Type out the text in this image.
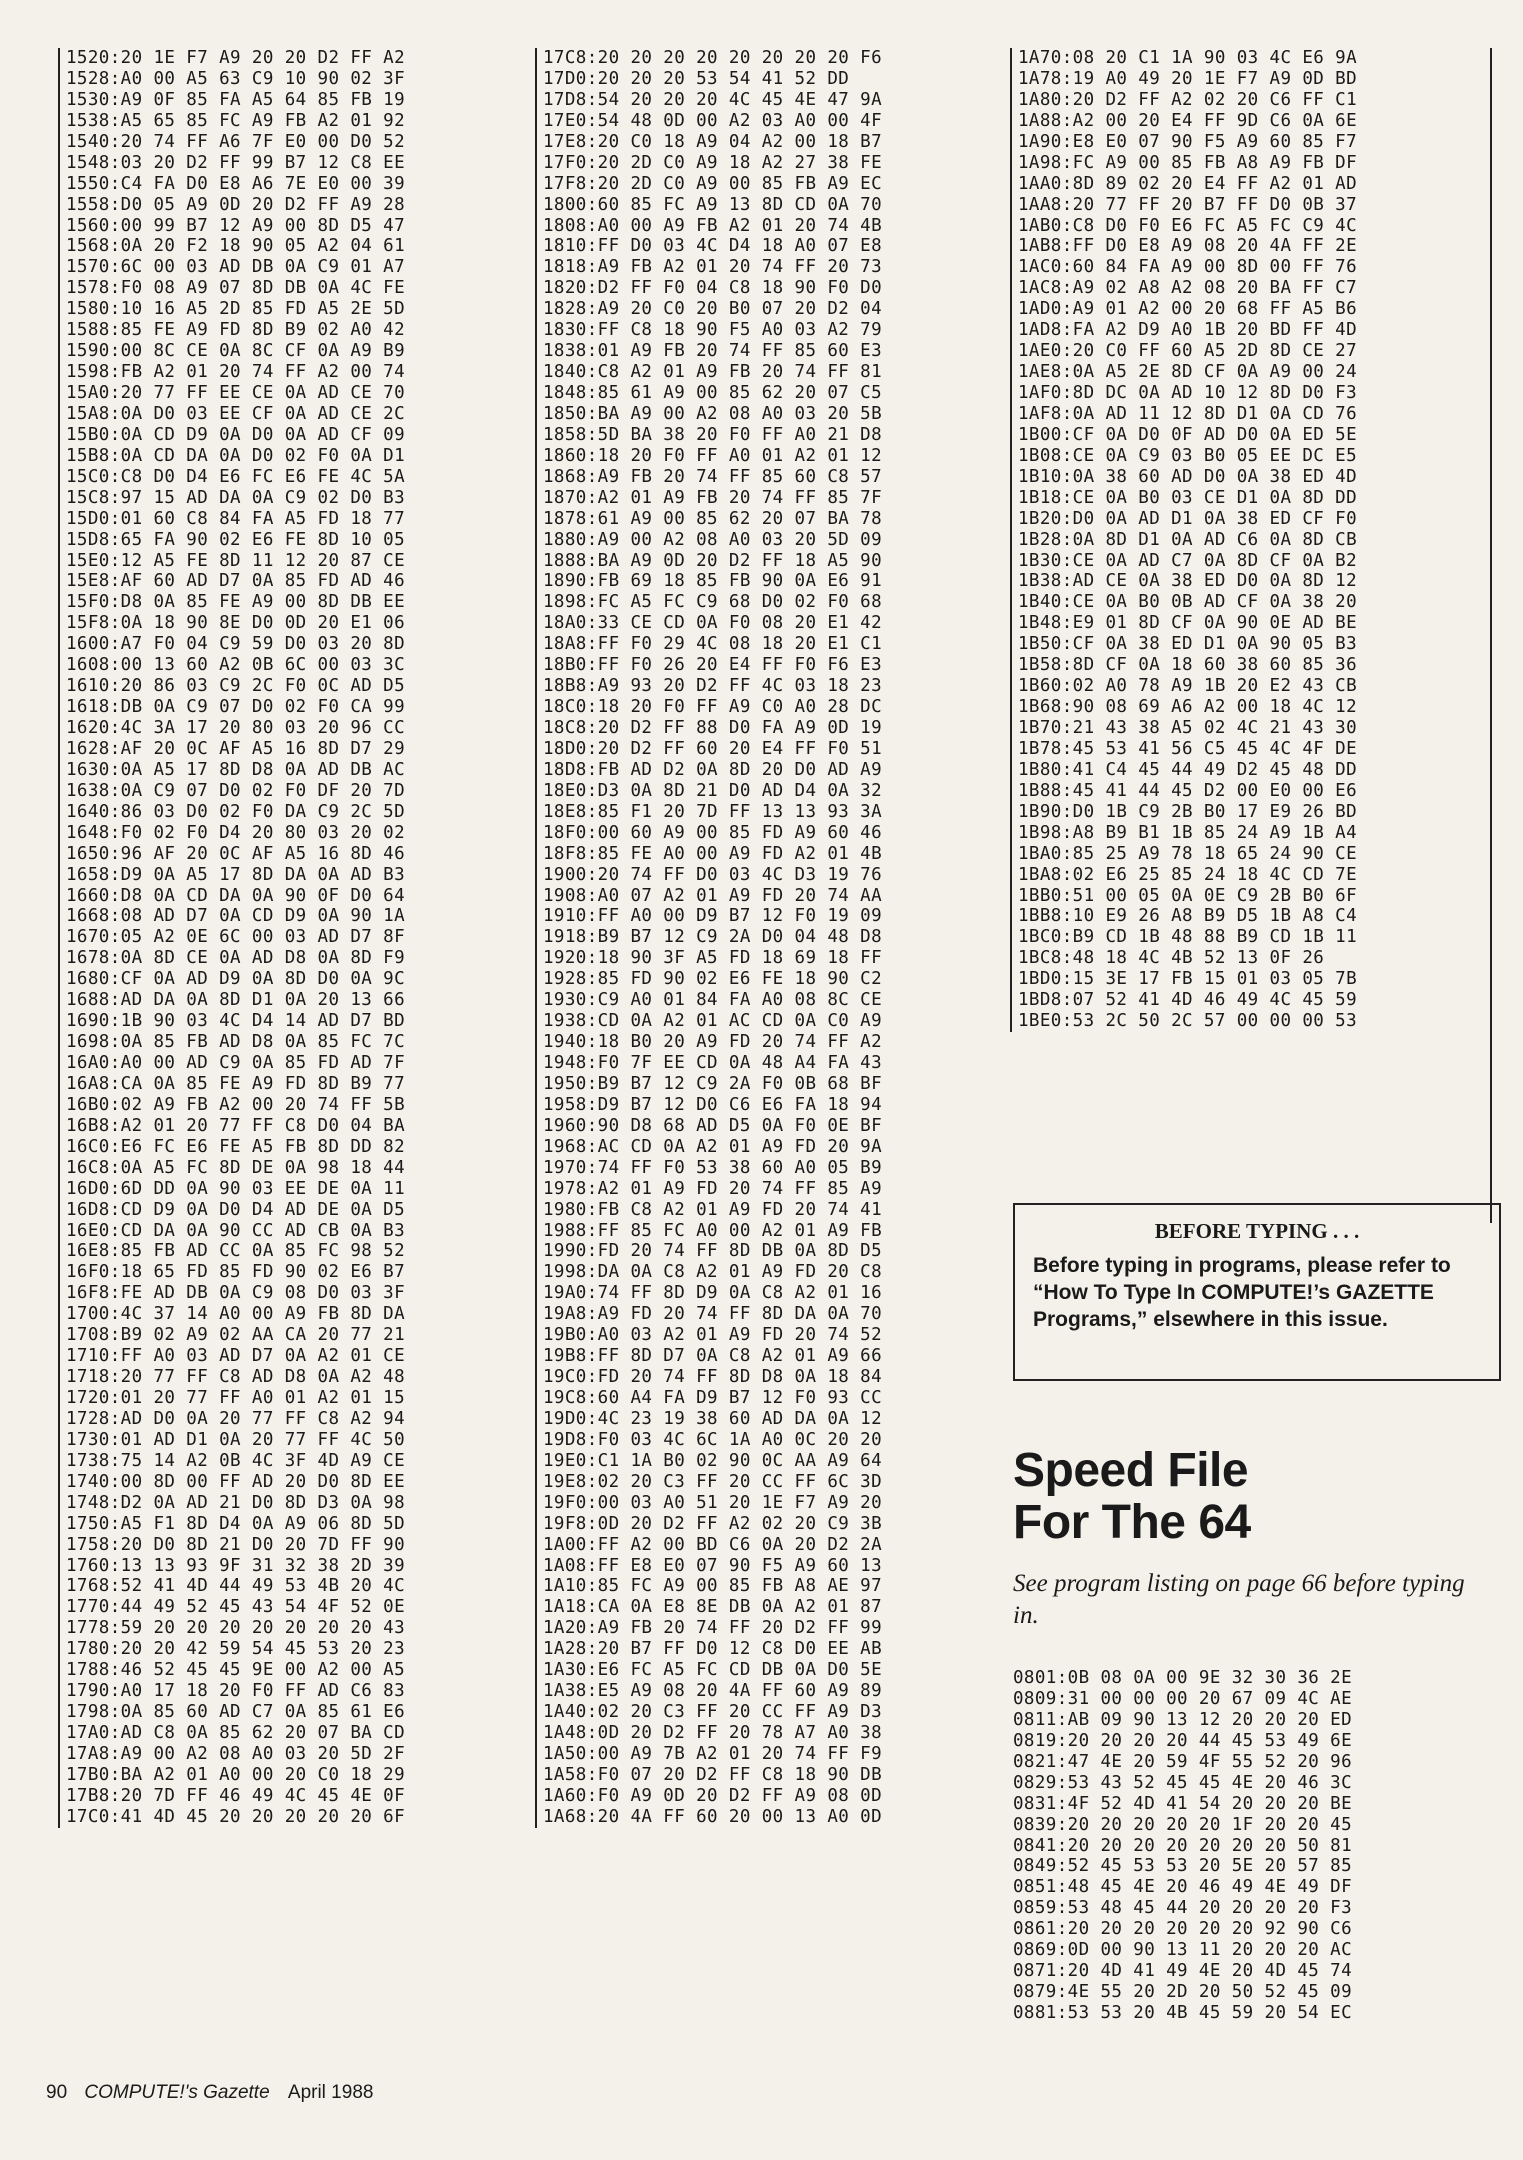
1520:20 1E F7 A9 20 20 D2 FF A2
1528:A0 00 A5 63 C9 10 90 02 3F
1530:A9 0F 85 FA A5 64 85 FB 19
1538:A5 65 85 FC A9 FB A2 01 92
1540:20 74 FF A6 7F E0 00 D0 52
1548:03 20 D2 FF 99 B7 12 C8 EE
1550:C4 FA D0 E8 A6 7E E0 00 39
1558:D0 05 A9 0D 20 D2 FF A9 28
1560:00 99 B7 12 A9 00 8D D5 47
1568:0A 20 F2 18 90 05 A2 04 61
1570:6C 00 03 AD DB 0A C9 01 A7
1578:F0 08 A9 07 8D DB 0A 4C FE
1580:10 16 A5 2D 85 FD A5 2E 5D
1588:85 FE A9 FD 8D B9 02 A0 42
1590:00 8C CE 0A 8C CF 0A A9 B9
1598:FB A2 01 20 74 FF A2 00 74
15A0:20 77 FF EE CE 0A AD CE 70
15A8:0A D0 03 EE CF 0A AD CE 2C
15B0:0A CD D9 0A D0 0A AD CF 09
15B8:0A CD DA 0A D0 02 F0 0A D1
15C0:C8 D0 D4 E6 FC E6 FE 4C 5A
15C8:97 15 AD DA 0A C9 02 D0 B3
15D0:01 60 C8 84 FA A5 FD 18 77
15D8:65 FA 90 02 E6 FE 8D 10 05
15E0:12 A5 FE 8D 11 12 20 87 CE
15E8:AF 60 AD D7 0A 85 FD AD 46
15F0:D8 0A 85 FE A9 00 8D DB EE
15F8:0A 18 90 8E D0 0D 20 E1 06
1600:A7 F0 04 C9 59 D0 03 20 8D
1608:00 13 60 A2 0B 6C 00 03 3C
1610:20 86 03 C9 2C F0 0C AD D5
1618:DB 0A C9 07 D0 02 F0 CA 99
1620:4C 3A 17 20 80 03 20 96 CC
1628:AF 20 0C AF A5 16 8D D7 29
1630:0A A5 17 8D D8 0A AD DB AC
1638:0A C9 07 D0 02 F0 DF 20 7D
1640:86 03 D0 02 F0 DA C9 2C 5D
1648:F0 02 F0 D4 20 80 03 20 02
1650:96 AF 20 0C AF A5 16 8D 46
1658:D9 0A A5 17 8D DA 0A AD B3
1660:D8 0A CD DA 0A 90 0F D0 64
1668:08 AD D7 0A CD D9 0A 90 1A
1670:05 A2 0E 6C 00 03 AD D7 8F
1678:0A 8D CE 0A AD D8 0A 8D F9
1680:CF 0A AD D9 0A 8D D0 0A 9C
1688:AD DA 0A 8D D1 0A 20 13 66
1690:1B 90 03 4C D4 14 AD D7 BD
1698:0A 85 FB AD D8 0A 85 FC 7C
16A0:A0 00 AD C9 0A 85 FD AD 7F
16A8:CA 0A 85 FE A9 FD 8D B9 77
16B0:02 A9 FB A2 00 20 74 FF 5B
16B8:A2 01 20 77 FF C8 D0 04 BA
16C0:E6 FC E6 FE A5 FB 8D DD 82
16C8:0A A5 FC 8D DE 0A 98 18 44
16D0:6D DD 0A 90 03 EE DE 0A 11
16D8:CD D9 0A D0 D4 AD DE 0A D5
16E0:CD DA 0A 90 CC AD CB 0A B3
16E8:85 FB AD CC 0A 85 FC 98 52
16F0:18 65 FD 85 FD 90 02 E6 B7
16F8:FE AD DB 0A C9 08 D0 03 3F
1700:4C 37 14 A0 00 A9 FB 8D DA
1708:B9 02 A9 02 AA CA 20 77 21
1710:FF A0 03 AD D7 0A A2 01 CE
1718:20 77 FF C8 AD D8 0A A2 48
1720:01 20 77 FF A0 01 A2 01 15
1728:AD D0 0A 20 77 FF C8 A2 94
1730:01 AD D1 0A 20 77 FF 4C 50
1738:75 14 A2 0B 4C 3F 4D A9 CE
1740:00 8D 00 FF AD 20 D0 8D EE
1748:D2 0A AD 21 D0 8D D3 0A 98
1750:A5 F1 8D D4 0A A9 06 8D 5D
1758:20 D0 8D 21 D0 20 7D FF 90
1760:13 13 93 9F 31 32 38 2D 39
1768:52 41 4D 44 49 53 4B 20 4C
1770:44 49 52 45 43 54 4F 52 0E
1778:59 20 20 20 20 20 20 20 43
1780:20 20 42 59 54 45 53 20 23
1788:46 52 45 45 9E 00 A2 00 A5
1790:A0 17 18 20 F0 FF AD C6 83
1798:0A 85 60 AD C7 0A 85 61 E6
17A0:AD C8 0A 85 62 20 07 BA CD
17A8:A9 00 A2 08 A0 03 20 5D 2F
17B0:BA A2 01 A0 00 20 C0 18 29
17B8:20 7D FF 46 49 4C 45 4E 0F
17C0:41 4D 45 20 20 20 20 20 6F
17C8:20 20 20 20 20 20 20 20 F6
17D0:20 20 20 53 54 41 52 DD
17D8:54 20 20 20 4C 45 4E 47 9A
17E0:54 48 0D 00 A2 03 A0 00 4F
17E8:20 C0 18 A9 04 A2 00 18 B7
17F0:20 2D C0 A9 18 A2 27 38 FE
17F8:20 2D C0 A9 00 85 FB A9 EC
1800:60 85 FC A9 13 8D CD 0A 70
1808:A0 00 A9 FB A2 01 20 74 4B
1810:FF D0 03 4C D4 18 A0 07 E8
1818:A9 FB A2 01 20 74 FF 20 73
1820:D2 FF F0 04 C8 18 90 F0 D0
1828:A9 20 C0 20 B0 07 20 D2 04
1830:FF C8 18 90 F5 A0 03 A2 79
1838:01 A9 FB 20 74 FF 85 60 E3
1840:C8 A2 01 A9 FB 20 74 FF 81
1848:85 61 A9 00 85 62 20 07 C5
1850:BA A9 00 A2 08 A0 03 20 5B
1858:5D BA 38 20 F0 FF A0 21 D8
1860:18 20 F0 FF A0 01 A2 01 12
1868:A9 FB 20 74 FF 85 60 C8 57
1870:A2 01 A9 FB 20 74 FF 85 7F
1878:61 A9 00 85 62 20 07 BA 78
1880:A9 00 A2 08 A0 03 20 5D 09
1888:BA A9 0D 20 D2 FF 18 A5 90
1890:FB 69 18 85 FB 90 0A E6 91
1898:FC A5 FC C9 68 D0 02 F0 68
18A0:33 CE CD 0A F0 08 20 E1 42
18A8:FF F0 29 4C 08 18 20 E1 C1
18B0:FF F0 26 20 E4 FF F0 F6 E3
18B8:A9 93 20 D2 FF 4C 03 18 23
18C0:18 20 F0 FF A9 C0 A0 28 DC
18C8:20 D2 FF 88 D0 FA A9 0D 19
18D0:20 D2 FF 60 20 E4 FF F0 51
18D8:FB AD D2 0A 8D 20 D0 AD A9
18E0:D3 0A 8D 21 D0 AD D4 0A 32
18E8:85 F1 20 7D FF 13 13 93 3A
18F0:00 60 A9 00 85 FD A9 60 46
18F8:85 FE A0 00 A9 FD A2 01 4B
1900:20 74 FF D0 03 4C D3 19 76
1908:A0 07 A2 01 A9 FD 20 74 AA
1910:FF A0 00 D9 B7 12 F0 19 09
1918:B9 B7 12 C9 2A D0 04 48 D8
1920:18 90 3F A5 FD 18 69 18 FF
1928:85 FD 90 02 E6 FE 18 90 C2
1930:C9 A0 01 84 FA A0 08 8C CE
1938:CD 0A A2 01 AC CD 0A C0 A9
1940:18 B0 20 A9 FD 20 74 FF A2
1948:F0 7F EE CD 0A 48 A4 FA 43
1950:B9 B7 12 C9 2A F0 0B 68 BF
1958:D9 B7 12 D0 C6 E6 FA 18 94
1960:90 D8 68 AD D5 0A F0 0E BF
1968:AC CD 0A A2 01 A9 FD 20 9A
1970:74 FF F0 53 38 60 A0 05 B9
1978:A2 01 A9 FD 20 74 FF 85 A9
1980:FB C8 A2 01 A9 FD 20 74 41
1988:FF 85 FC A0 00 A2 01 A9 FB
1990:FD 20 74 FF 8D DB 0A 8D D5
1998:DA 0A C8 A2 01 A9 FD 20 C8
19A0:74 FF 8D D9 0A C8 A2 01 16
19A8:A9 FD 20 74 FF 8D DA 0A 70
19B0:A0 03 A2 01 A9 FD 20 74 52
19B8:FF 8D D7 0A C8 A2 01 A9 66
19C0:FD 20 74 FF 8D D8 0A 18 84
19C8:60 A4 FA D9 B7 12 F0 93 CC
19D0:4C 23 19 38 60 AD DA 0A 12
19D8:F0 03 4C 6C 1A A0 0C 20 20
19E0:C1 1A B0 02 90 0C AA A9 64
19E8:02 20 C3 FF 20 CC FF 6C 3D
19F0:00 03 A0 51 20 1E F7 A9 20
19F8:0D 20 D2 FF A2 02 20 C9 3B
1A00:FF A2 00 BD C6 0A 20 D2 2A
1A08:FF E8 E0 07 90 F5 A9 60 13
1A10:85 FC A9 00 85 FB A8 AE 97
1A18:CA 0A E8 8E DB 0A A2 01 87
1A20:A9 FB 20 74 FF 20 D2 FF 99
1A28:20 B7 FF D0 12 C8 D0 EE AB
1A30:E6 FC A5 FC CD DB 0A D0 5E
1A38:E5 A9 08 20 4A FF 60 A9 89
1A40:02 20 C3 FF 20 CC FF A9 D3
1A48:0D 20 D2 FF 20 78 A7 A0 38
1A50:00 A9 7B A2 01 20 74 FF F9
1A58:F0 07 20 D2 FF C8 18 90 DB
1A60:F0 A9 0D 20 D2 FF A9 08 0D
1A68:20 4A FF 60 20 00 13 A0 0D
1A70:08 20 C1 1A 90 03 4C E6 9A
1A78:19 A0 49 20 1E F7 A9 0D BD
1A80:20 D2 FF A2 02 20 C6 FF C1
1A88:A2 00 20 E4 FF 9D C6 0A 6E
1A90:E8 E0 07 90 F5 A9 60 85 F7
1A98:FC A9 00 85 FB A8 A9 FB DF
1AA0:8D 89 02 20 E4 FF A2 01 AD
1AA8:20 77 FF 20 B7 FF D0 0B 37
1AB0:C8 D0 F0 E6 FC A5 FC C9 4C
1AB8:FF D0 E8 A9 08 20 4A FF 2E
1AC0:60 84 FA A9 00 8D 00 FF 76
1AC8:A9 02 A8 A2 08 20 BA FF C7
1AD0:A9 01 A2 00 20 68 FF A5 B6
1AD8:FA A2 D9 A0 1B 20 BD FF 4D
1AE0:20 C0 FF 60 A5 2D 8D CE 27
1AE8:0A A5 2E 8D CF 0A A9 00 24
1AF0:8D DC 0A AD 10 12 8D D0 F3
1AF8:0A AD 11 12 8D D1 0A CD 76
1B00:CF 0A D0 0F AD D0 0A ED 5E
1B08:CE 0A C9 03 B0 05 EE DC E5
1B10:0A 38 60 AD D0 0A 38 ED 4D
1B18:CE 0A B0 03 CE D1 0A 8D DD
1B20:D0 0A AD D1 0A 38 ED CF F0
1B28:0A 8D D1 0A AD C6 0A 8D CB
1B30:CE 0A AD C7 0A 8D CF 0A B2
1B38:AD CE 0A 38 ED D0 0A 8D 12
1B40:CE 0A B0 0B AD CF 0A 38 20
1B48:E9 01 8D CF 0A 90 0E AD BE
1B50:CF 0A 38 ED D1 0A 90 05 B3
1B58:8D CF 0A 18 60 38 60 85 36
1B60:02 A0 78 A9 1B 20 E2 43 CB
1B68:90 08 69 A6 A2 00 18 4C 12
1B70:21 43 38 A5 02 4C 21 43 30
1B78:45 53 41 56 C5 45 4C 4F DE
1B80:41 C4 45 44 49 D2 45 48 DD
1B88:45 41 44 45 D2 00 E0 00 E6
1B90:D0 1B C9 2B B0 17 E9 26 BD
1B98:A8 B9 B1 1B 85 24 A9 1B A4
1BA0:85 25 A9 78 18 65 24 90 CE
1BA8:02 E6 25 85 24 18 4C CD 7E
1BB0:51 00 05 0A 0E C9 2B B0 6F
1BB8:10 E9 26 A8 B9 D5 1B A8 C4
1BC0:B9 CD 1B 48 88 B9 CD 1B 11
1BC8:48 18 4C 4B 52 13 0F 26
1BD0:15 3E 17 FB 15 01 03 05 7B
1BD8:07 52 41 4D 46 49 4C 45 59
1BE0:53 2C 50 2C 57 00 00 00 53
BEFORE TYPING . . .
Before typing in programs, please refer to “How To Type In COMPUTE!’s GAZETTE Programs,” elsewhere in this issue.
Speed File
For The 64
See program listing on page 66 before typing in.
0801:0B 08 0A 00 9E 32 30 36 2E
0809:31 00 00 00 20 67 09 4C AE
0811:AB 09 90 13 12 20 20 20 ED
0819:20 20 20 20 44 45 53 49 6E
0821:47 4E 20 59 4F 55 52 20 96
0829:53 43 52 45 45 4E 20 46 3C
0831:4F 52 4D 41 54 20 20 20 BE
0839:20 20 20 20 20 1F 20 20 45
0841:20 20 20 20 20 20 20 50 81
0849:52 45 53 53 20 5E 20 57 85
0851:48 45 4E 20 46 49 4E 49 DF
0859:53 48 45 44 20 20 20 20 F3
0861:20 20 20 20 20 20 92 90 C6
0869:0D 00 90 13 11 20 20 20 AC
0871:20 4D 41 49 4E 20 4D 45 74
0879:4E 55 20 2D 20 50 52 45 09
0881:53 53 20 4B 45 59 20 54 EC
90 COMPUTE!'s Gazette April 1988
